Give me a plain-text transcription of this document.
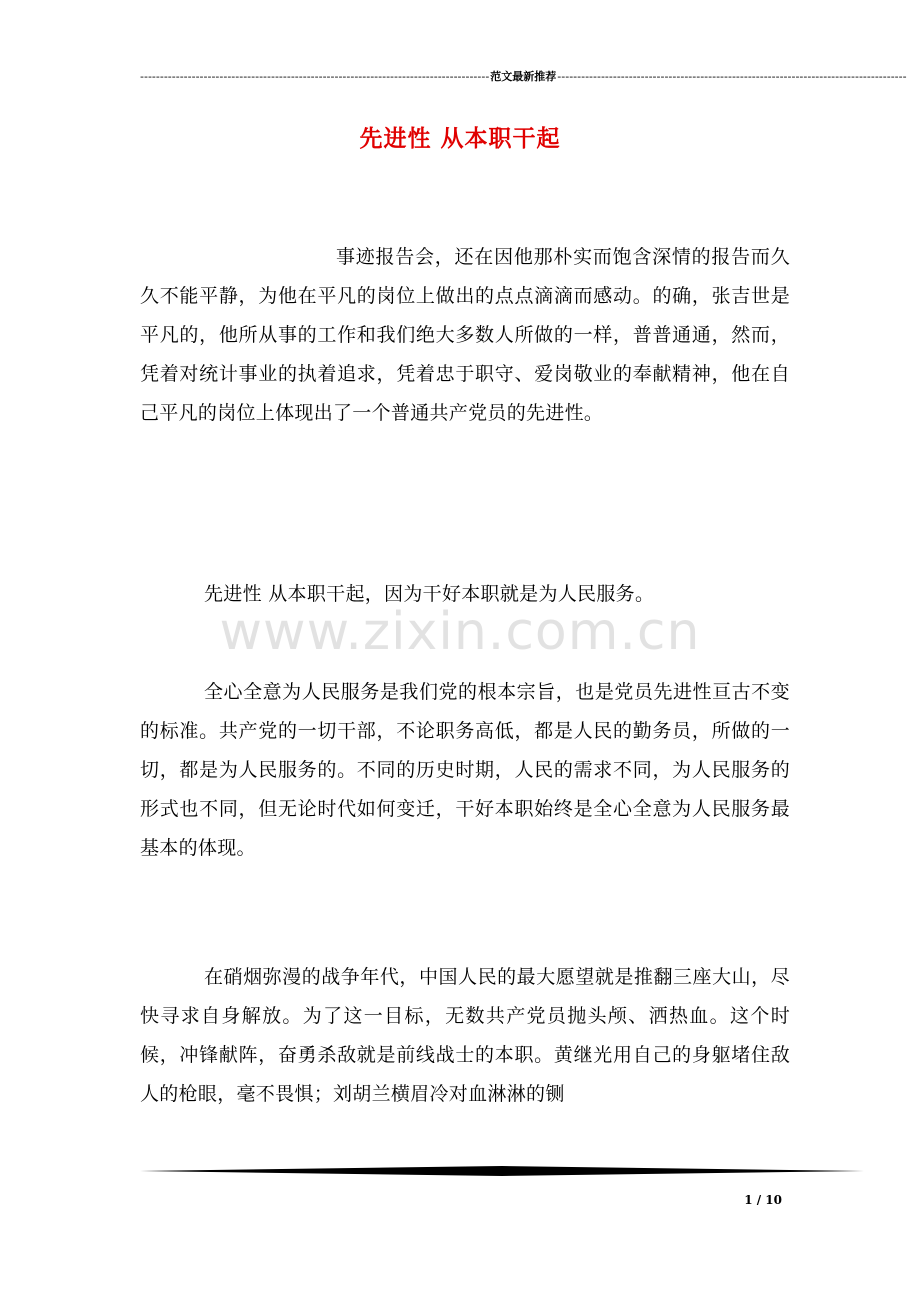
---------------------------------------------------------------------------------------- 范文最新推荐 ----------------------------------------------------------------------------------------
先进性 从本职干起
事迹报告会，还在因他那朴实而饱含深情的报告而久久不能平静，为他在平凡的岗位上做出的点点滴滴而感动。的确，张吉世是平凡的，他所从事的工作和我们绝大多数人所做的一样，普普通通，然而，凭着对统计事业的执着追求，凭着忠于职守、爱岗敬业的奉献精神，他在自己平凡的岗位上体现出了一个普通共产党员的先进性。
先进性 从本职干起，因为干好本职就是为人民服务。
全心全意为人民服务是我们党的根本宗旨，也是党员先进性亘古不变的标准。共产党的一切干部，不论职务高低，都是人民的勤务员，所做的一切，都是为人民服务的。不同的历史时期，人民的需求不同，为人民服务的形式也不同，但无论时代如何变迁，干好本职始终是全心全意为人民服务最基本的体现。
在硝烟弥漫的战争年代，中国人民的最大愿望就是推翻三座大山，尽快寻求自身解放。为了这一目标，无数共产党员抛头颅、洒热血。这个时候，冲锋献阵，奋勇杀敌就是前线战士的本职。黄继光用自己的身躯堵住敌人的枪眼，毫不畏惧；刘胡兰横眉冷对血淋淋的铡
www.zixin.com.cn
1 / 10
